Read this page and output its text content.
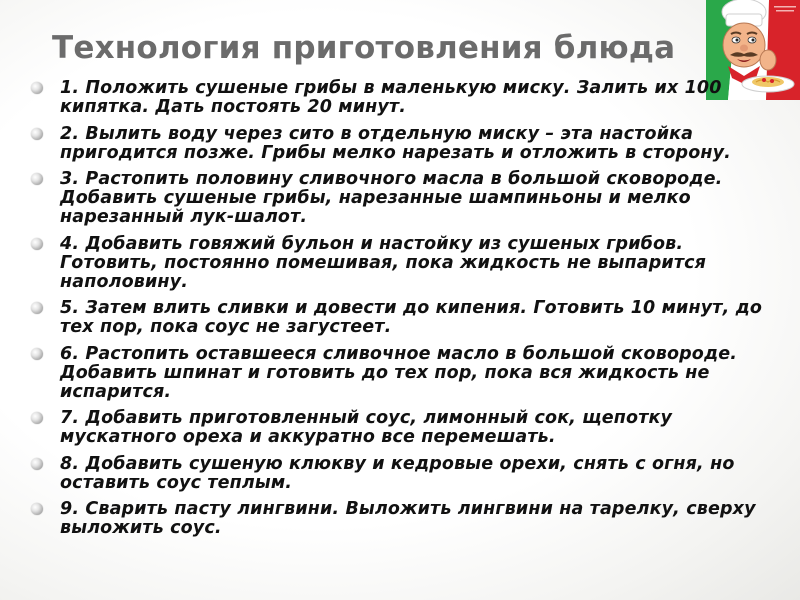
Технология приготовления блюда
1. Положить сушеные грибы в маленькую миску. Залить их 100 кипятка. Дать постоять 20 минут.
2. Вылить воду через сито в отдельную миску – эта настойка пригодится позже. Грибы мелко нарезать и отложить в сторону.
3. Растопить половину сливочного масла в большой сковороде. Добавить сушеные грибы, нарезанные шампиньоны и мелко нарезанный лук-шалот.
4. Добавить говяжий бульон и настойку из сушеных грибов. Готовить, постоянно помешивая, пока жидкость не выпарится наполовину.
5. Затем влить сливки и довести до кипения. Готовить 10 минут, до тех пор, пока соус не загустеет.
6. Растопить оставшееся сливочное масло в большой сковороде. Добавить шпинат и готовить до тех пор, пока вся жидкость не испарится.
7. Добавить приготовленный соус, лимонный сок, щепотку мускатного ореха и аккуратно все перемешать.
8. Добавить сушеную клюкву и кедровые орехи, снять с огня, но оставить соус теплым.
9. Сварить пасту лингвини. Выложить лингвини на тарелку, сверху выложить соус.
